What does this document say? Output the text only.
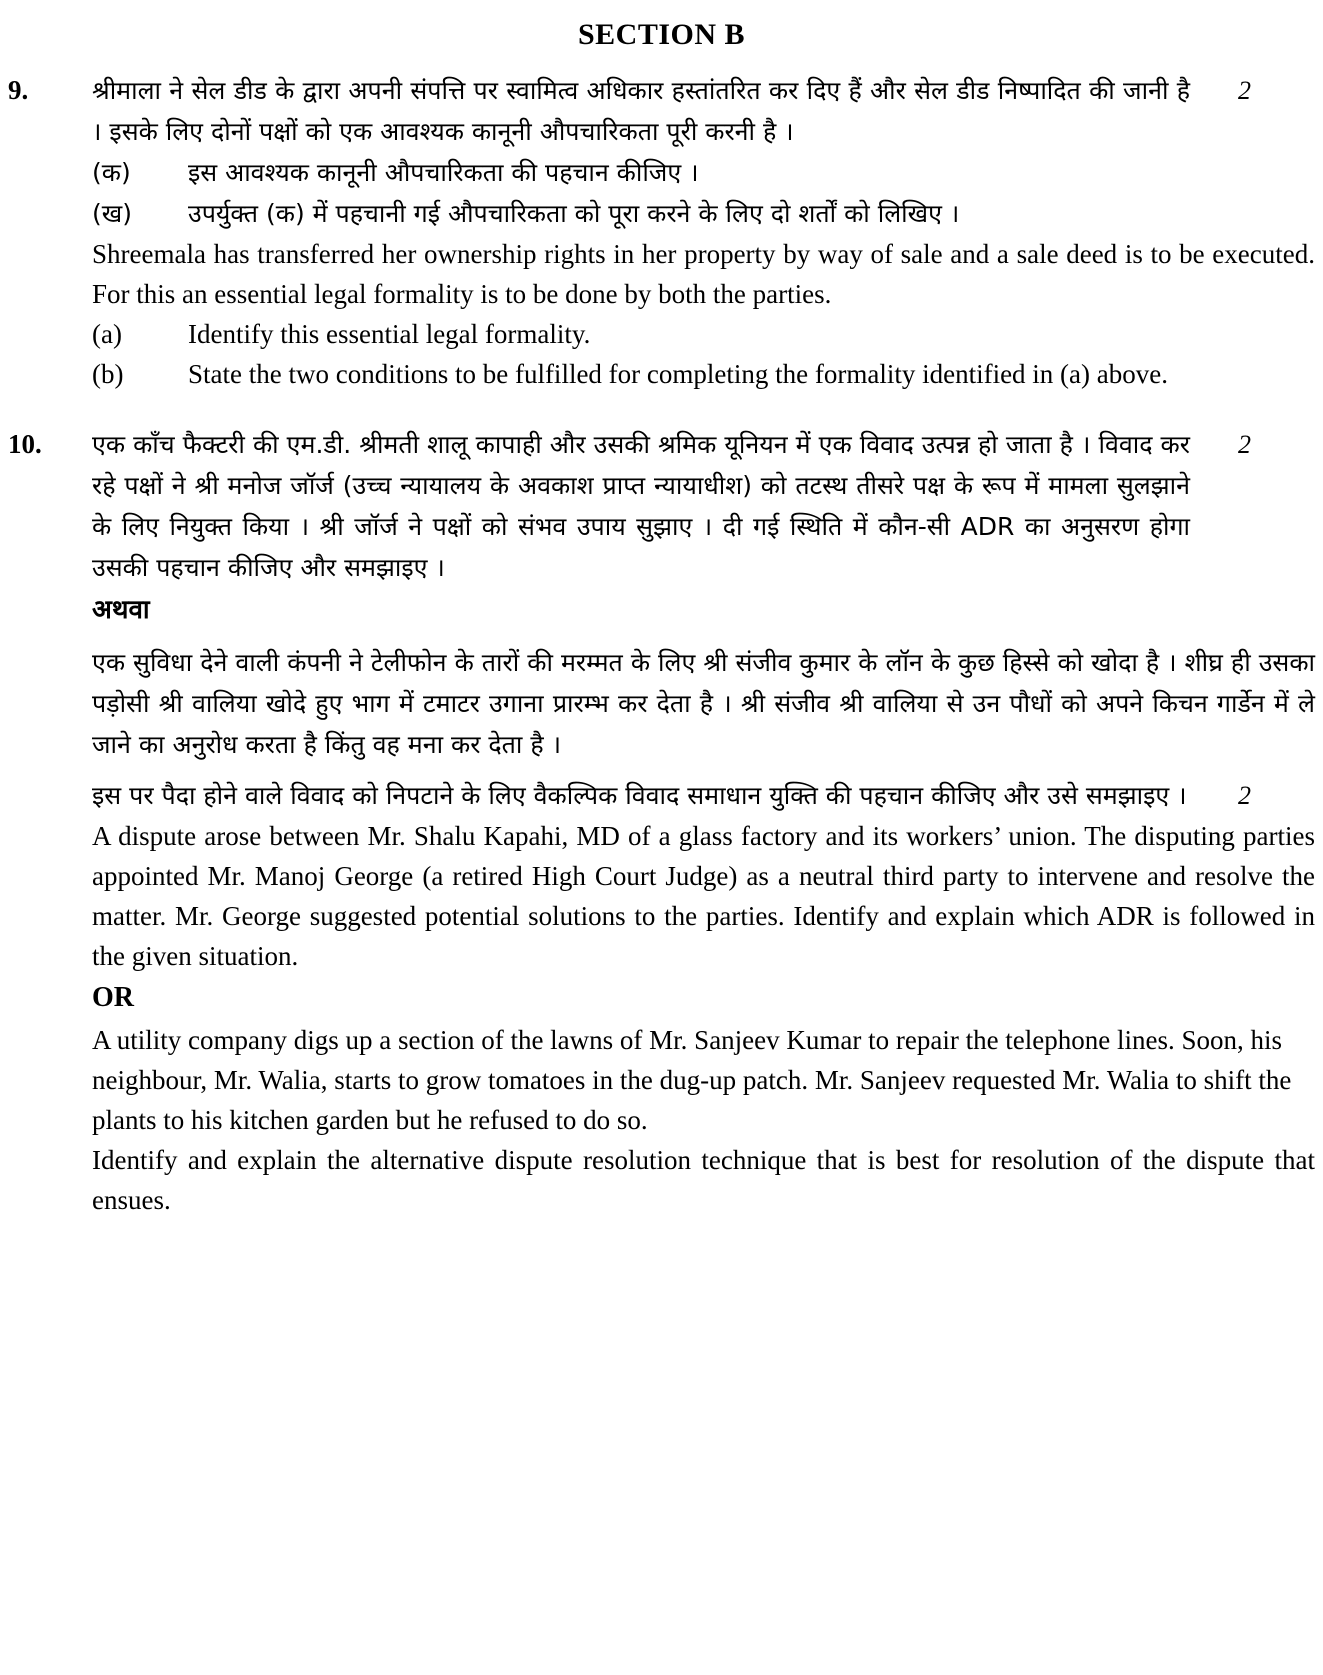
SECTION B
9.	श्रीमाला ने सेल डीड के द्वारा अपनी संपत्ति पर स्वामित्व अधिकार हस्तांतरित कर दिए हैं और सेल डीड निष्पादित की जानी है । इसके लिए दोनों पक्षों को एक आवश्यक कानूनी औपचारिकता पूरी करनी है ।

2
(क)	इस आवश्यक कानूनी औपचारिकता की पहचान कीजिए ।
(ख)	उपर्युक्त (क) में पहचानी गई औपचारिकता को पूरा करने के लिए दो शर्तों को लिखिए ।

Shreemala has transferred her ownership rights in her property by way of sale and a sale deed is to be executed. For this an essential legal formality is to be done by both the parties.

(a)	Identify this essential legal formality.
(b)	State the two conditions to be fulfilled for completing the formality identified in (a) above.
10.	एक काँच फैक्टरी की एम.डी. श्रीमती शालू कापाही और उसकी श्रमिक यूनियन में एक विवाद उत्पन्न हो जाता है । विवाद कर रहे पक्षों ने श्री मनोज जॉर्ज (उच्च न्यायालय के अवकाश प्राप्त न्यायाधीश) को तटस्थ तीसरे पक्ष के रूप में मामला सुलझाने के लिए नियुक्त किया । श्री जॉर्ज ने पक्षों को संभव उपाय सुझाए । दी गई स्थिति में कौन-सी ADR का अनुसरण होगा उसकी पहचान कीजिए और समझाइए ।

2
अथवा

एक सुविधा देने वाली कंपनी ने टेलीफोन के तारों की मरम्मत के लिए श्री संजीव कुमार के लॉन के कुछ हिस्से को खोदा है । शीघ्र ही उसका पड़ोसी श्री वालिया खोदे हुए भाग में टमाटर उगाना प्रारम्भ कर देता है । श्री संजीव श्री वालिया से उन पौधों को अपने किचन गार्डेन में ले जाने का अनुरोध करता है किंतु वह मना कर देता है ।

इस पर पैदा होने वाले विवाद को निपटाने के लिए वैकल्पिक विवाद समाधान युक्ति की पहचान कीजिए और उसे समझाइए ।	2

A dispute arose between Mr. Shalu Kapahi, MD of a glass factory and its workers’ union. The disputing parties appointed Mr. Manoj George (a retired High Court Judge) as a neutral third party to intervene and resolve the matter. Mr. George suggested potential solutions to the parties. Identify and explain which ADR is followed in the given situation.

OR

A utility company digs up a section of the lawns of Mr. Sanjeev Kumar to repair the telephone lines. Soon, his neighbour, Mr. Walia, starts to grow tomatoes in the dug-up patch. Mr. Sanjeev requested Mr. Walia to shift the plants to his kitchen garden but he refused to do so.

Identify and explain the alternative dispute resolution technique that is best for resolution of the dispute that ensues.
